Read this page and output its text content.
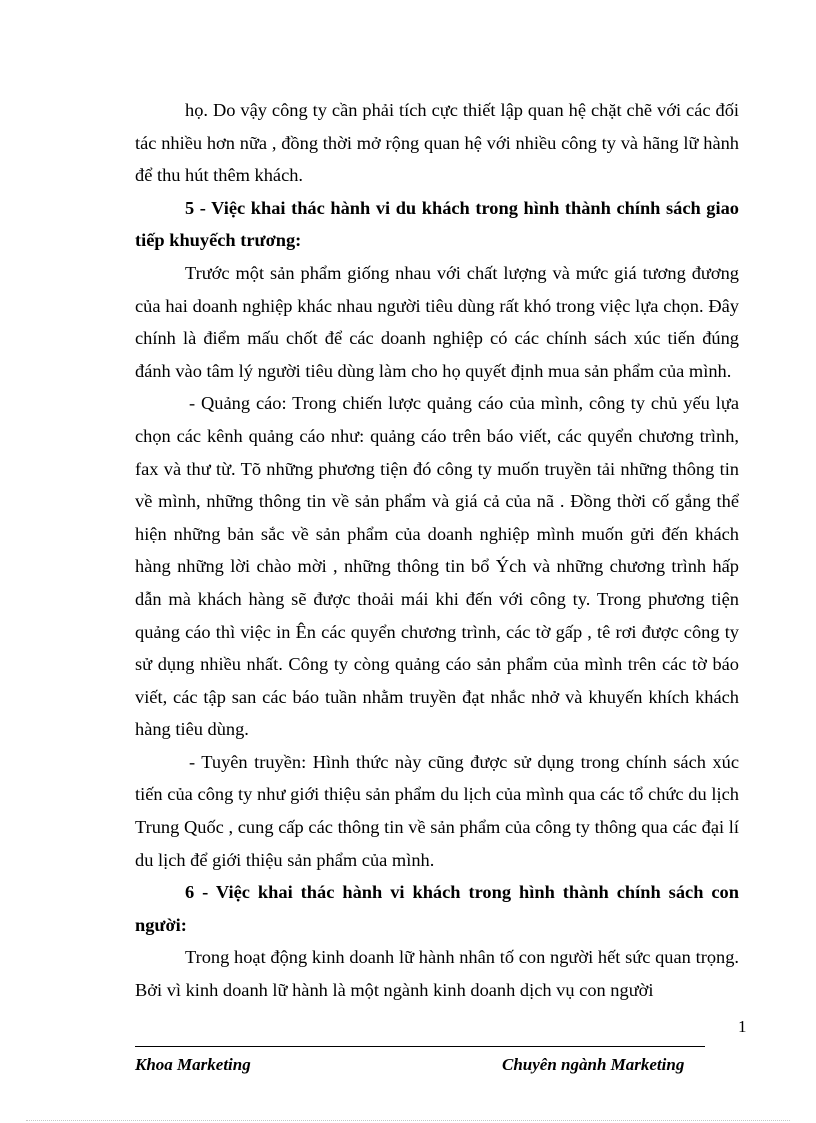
họ. Do vậy công ty cần phải tích cực thiết lập quan hệ chặt chẽ với các đối tác nhiều hơn nữa , đồng thời mở rộng quan hệ với nhiều công ty và hãng lữ hành để thu hút thêm khách.

5 - Việc khai thác hành vi du khách trong hình thành chính sách giao tiếp khuyếch trương:

Trước một sản phẩm giống nhau với chất lượng và mức giá tương đương của hai doanh nghiệp khác nhau người tiêu dùng rất khó trong việc lựa chọn. Đây chính là điểm mấu chốt để các doanh nghiệp có các chính sách xúc tiến đúng đánh vào tâm lý người tiêu dùng làm cho họ quyết định mua sản phẩm của mình.

- Quảng cáo: Trong chiến lược quảng cáo của mình, công ty chủ yếu lựa chọn các kênh quảng cáo như: quảng cáo trên báo viết, các quyển chương trình, fax và thư từ. Tõ những phương tiện đó công ty muốn truyền tải những thông tin về mình, những thông tin về sản phẩm và giá cả của nã . Đồng thời cố gắng thể hiện những bản sắc về sản phẩm của doanh nghiệp mình muốn gửi đến khách hàng những lời chào mời , những thông tin bổ Ých và những chương trình hấp dẫn mà khách hàng sẽ được thoải mái khi đến với công ty. Trong phương tiện quảng cáo thì việc in Ên các quyển chương trình, các tờ gấp , tê rơi được công ty sử dụng nhiều nhất. Công ty còng quảng cáo sản phẩm của mình trên các tờ báo viết, các tập san các báo tuần nhằm truyền đạt nhắc nhở và khuyến khích khách hàng tiêu dùng.

- Tuyên truyền: Hình thức này cũng được sử dụng trong chính sách xúc tiến của công ty như giới thiệu sản phẩm du lịch của mình qua các tổ chức du lịch Trung Quốc , cung cấp các thông tin về sản phẩm của công ty thông qua các đại lí du lịch để giới thiệu sản phẩm của mình.

6 - Việc khai thác hành vi khách trong hình thành chính sách con người:

Trong hoạt động kinh doanh lữ hành nhân tố con người hết sức quan trọng. Bởi vì kinh doanh lữ hành là một ngành kinh doanh dịch vụ con người

1
Khoa Marketing	Chuyên ngành Marketing
